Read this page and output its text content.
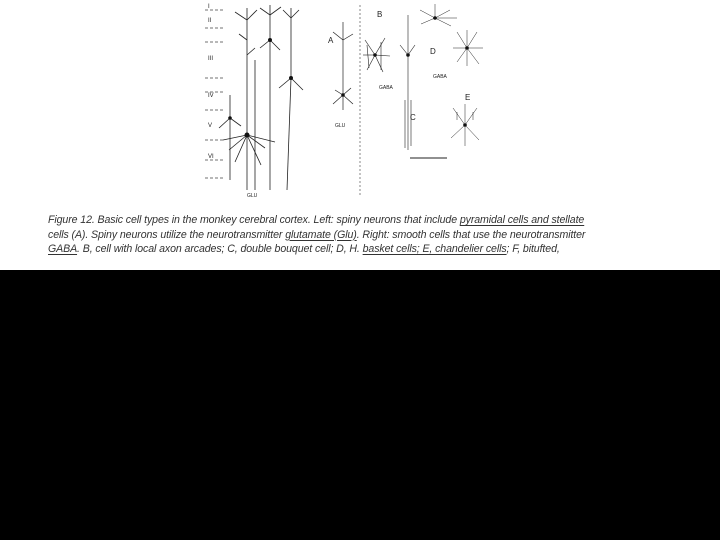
I
II
III
IV
V
VI
GLU
A
GLU
B
GABA
C
D
GABA
E
Figure 12. Basic cell types in the monkey cerebral cortex. Left: spiny neurons that include pyramidal cells and stellate
cells (A). Spiny neurons utilize the neurotransmitter glutamate (Glu). Right: smooth cells that use the neurotransmitter
GABA. B, cell with local axon arcades; C, double bouquet cell; D, H. basket cells; E, chandelier cells; F, bitufted,
